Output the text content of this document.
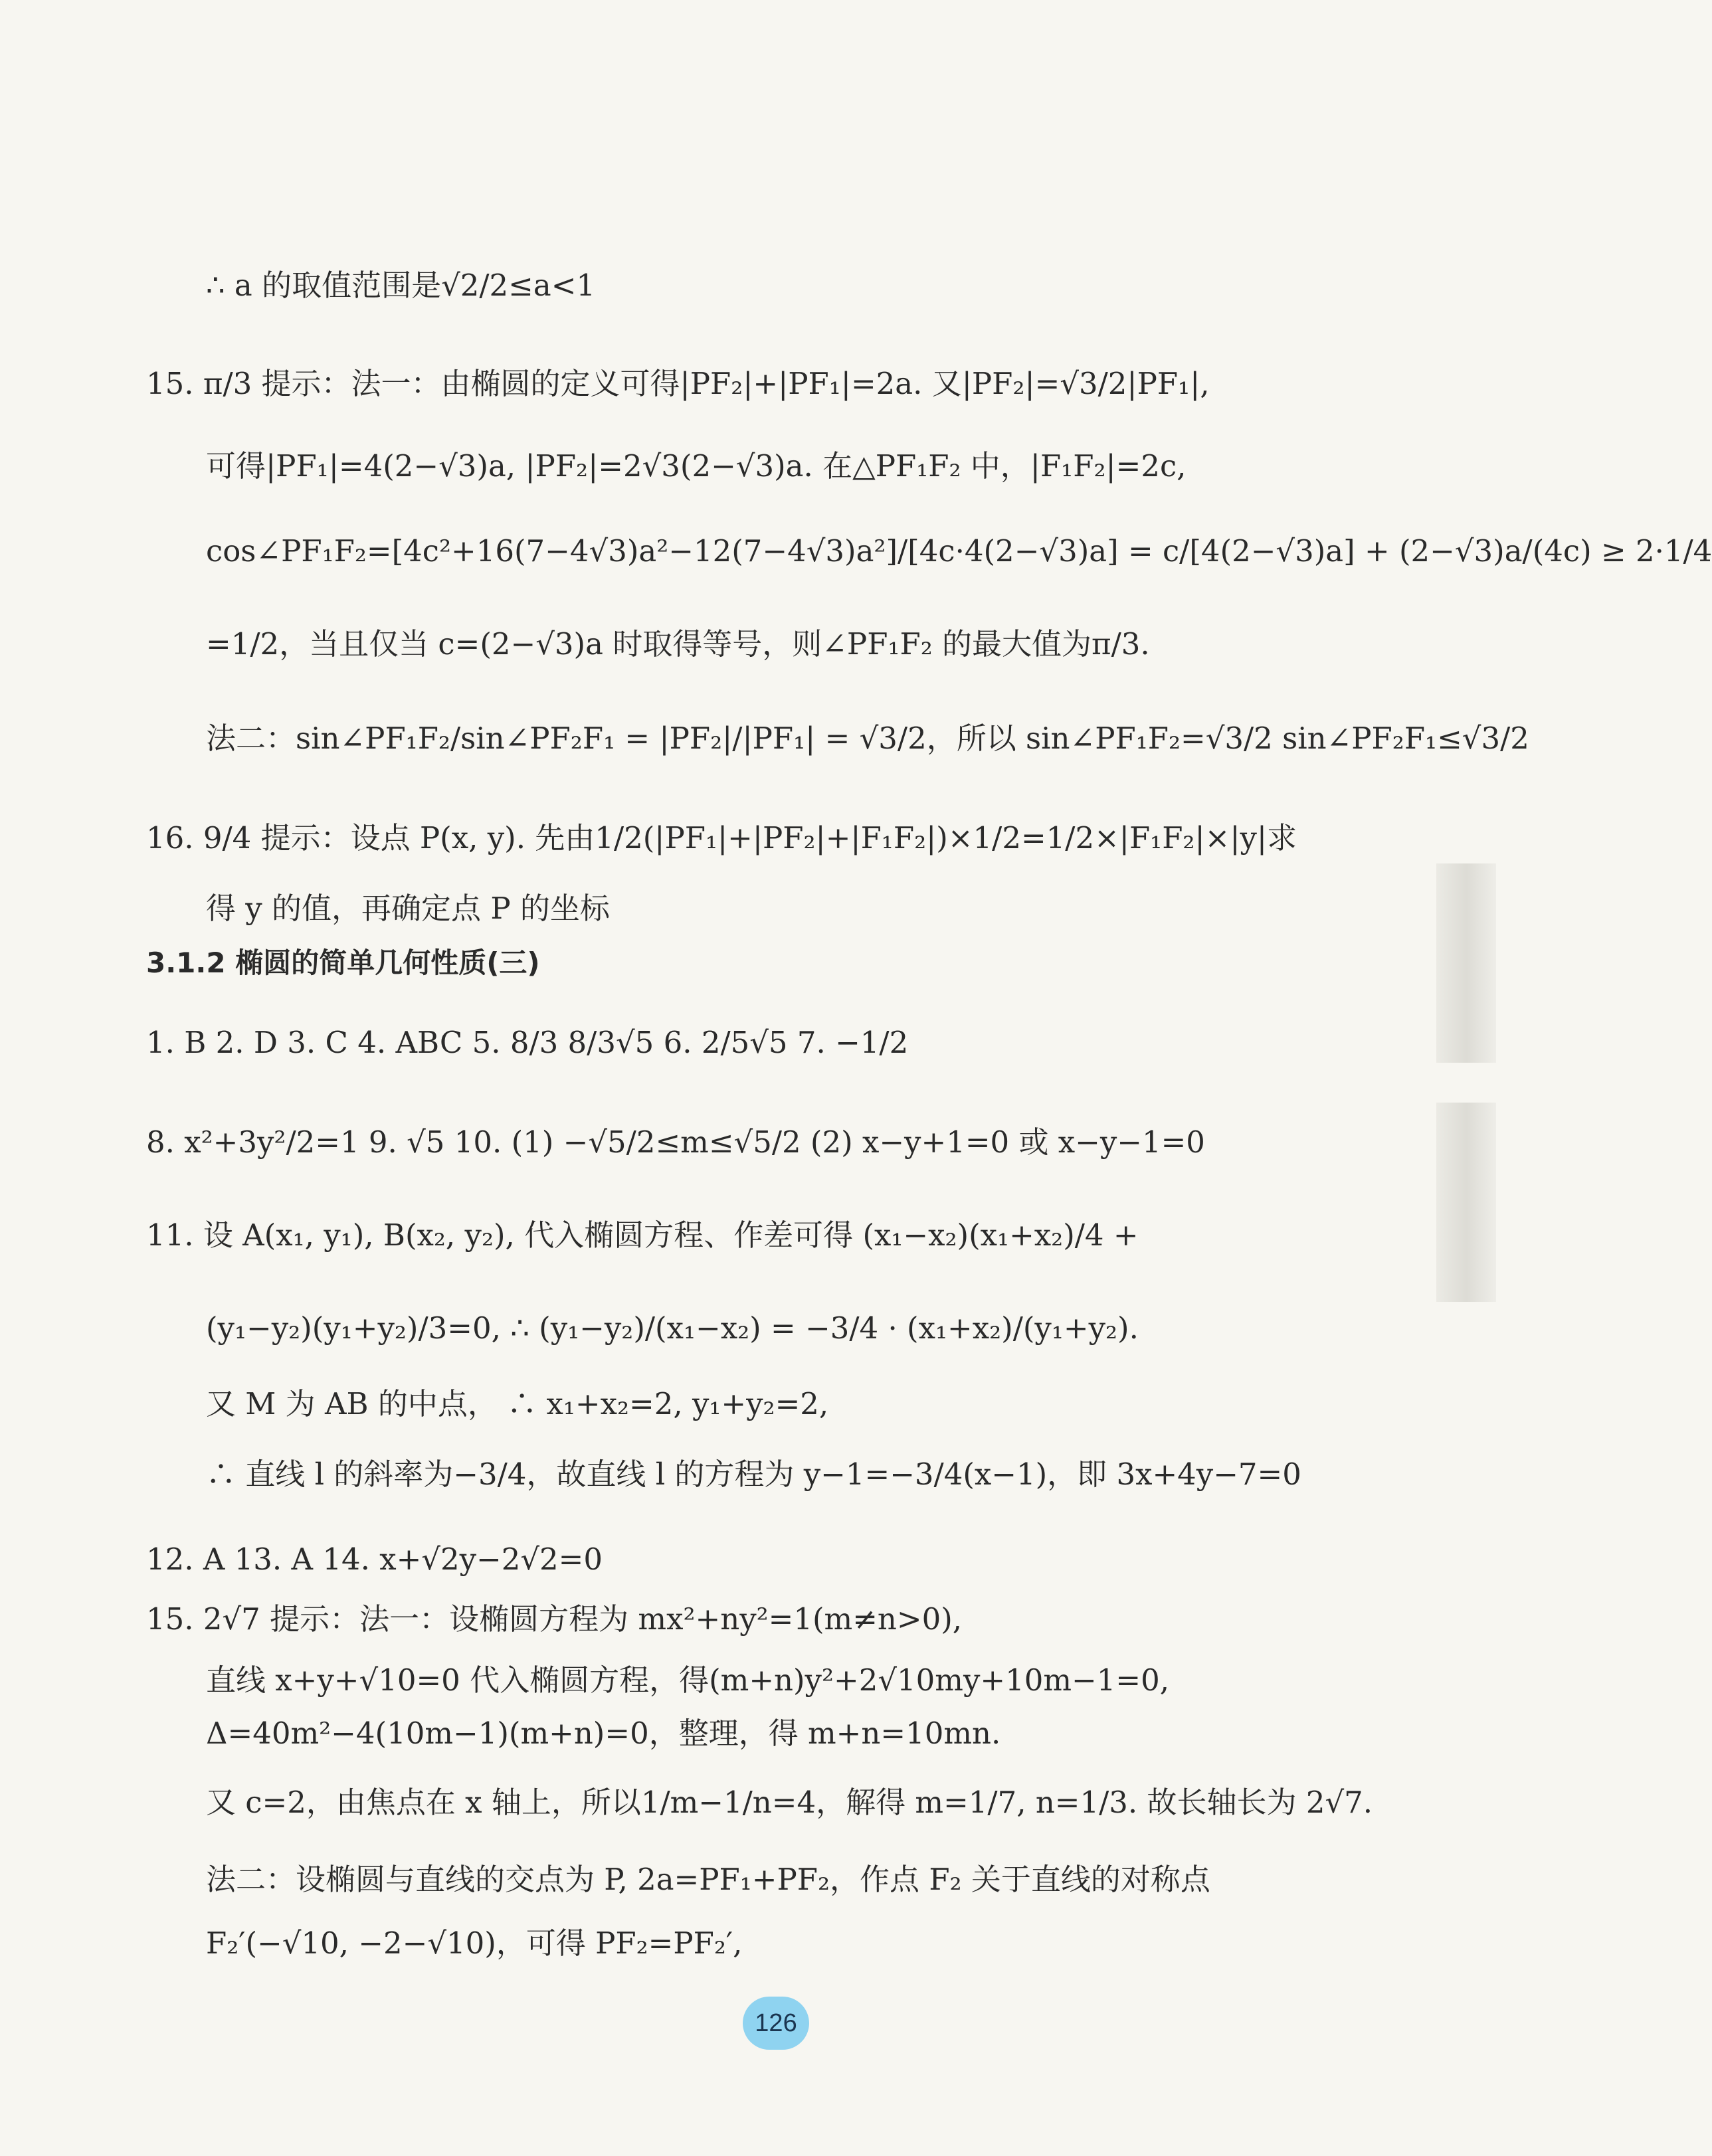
∴ a 的取值范围是√2/2≤a<1
15. π/3 提示：法一：由椭圆的定义可得|PF₂|+|PF₁|=2a. 又|PF₂|=√3/2|PF₁|,
可得|PF₁|=4(2−√3)a, |PF₂|=2√3(2−√3)a. 在△PF₁F₂ 中，|F₁F₂|=2c,
cos∠PF₁F₂=[4c²+16(7−4√3)a²−12(7−4√3)a²]/[4c·4(2−√3)a] = c/[4(2−√3)a] + (2−√3)a/(4c) ≥ 2·1/4
=1/2，当且仅当 c=(2−√3)a 时取得等号，则∠PF₁F₂ 的最大值为π/3.
法二：sin∠PF₁F₂/sin∠PF₂F₁ = |PF₂|/|PF₁| = √3/2，所以 sin∠PF₁F₂=√3/2 sin∠PF₂F₁≤√3/2
16. 9/4 提示：设点 P(x, y). 先由1/2(|PF₁|+|PF₂|+|F₁F₂|)×1/2=1/2×|F₁F₂|×|y|求
得 y 的值，再确定点 P 的坐标
3.1.2 椭圆的简单几何性质(三)
1. B 2. D 3. C 4. ABC 5. 8/3 8/3√5 6. 2/5√5 7. −1/2
8. x²+3y²/2=1 9. √5 10. (1) −√5/2≤m≤√5/2 (2) x−y+1=0 或 x−y−1=0
11. 设 A(x₁, y₁), B(x₂, y₂), 代入椭圆方程、作差可得 (x₁−x₂)(x₁+x₂)/4 +
(y₁−y₂)(y₁+y₂)/3=0, ∴ (y₁−y₂)/(x₁−x₂) = −3/4 · (x₁+x₂)/(y₁+y₂).
又 M 为 AB 的中点， ∴ x₁+x₂=2, y₁+y₂=2,
∴ 直线 l 的斜率为−3/4，故直线 l 的方程为 y−1=−3/4(x−1)，即 3x+4y−7=0
12. A 13. A 14. x+√2y−2√2=0
15. 2√7 提示：法一：设椭圆方程为 mx²+ny²=1(m≠n>0),
直线 x+y+√10=0 代入椭圆方程，得(m+n)y²+2√10my+10m−1=0,
Δ=40m²−4(10m−1)(m+n)=0，整理，得 m+n=10mn.
又 c=2，由焦点在 x 轴上，所以1/m−1/n=4，解得 m=1/7, n=1/3. 故长轴长为 2√7.
法二：设椭圆与直线的交点为 P, 2a=PF₁+PF₂，作点 F₂ 关于直线的对称点
F₂′(−√10, −2−√10)，可得 PF₂=PF₂′,
126
